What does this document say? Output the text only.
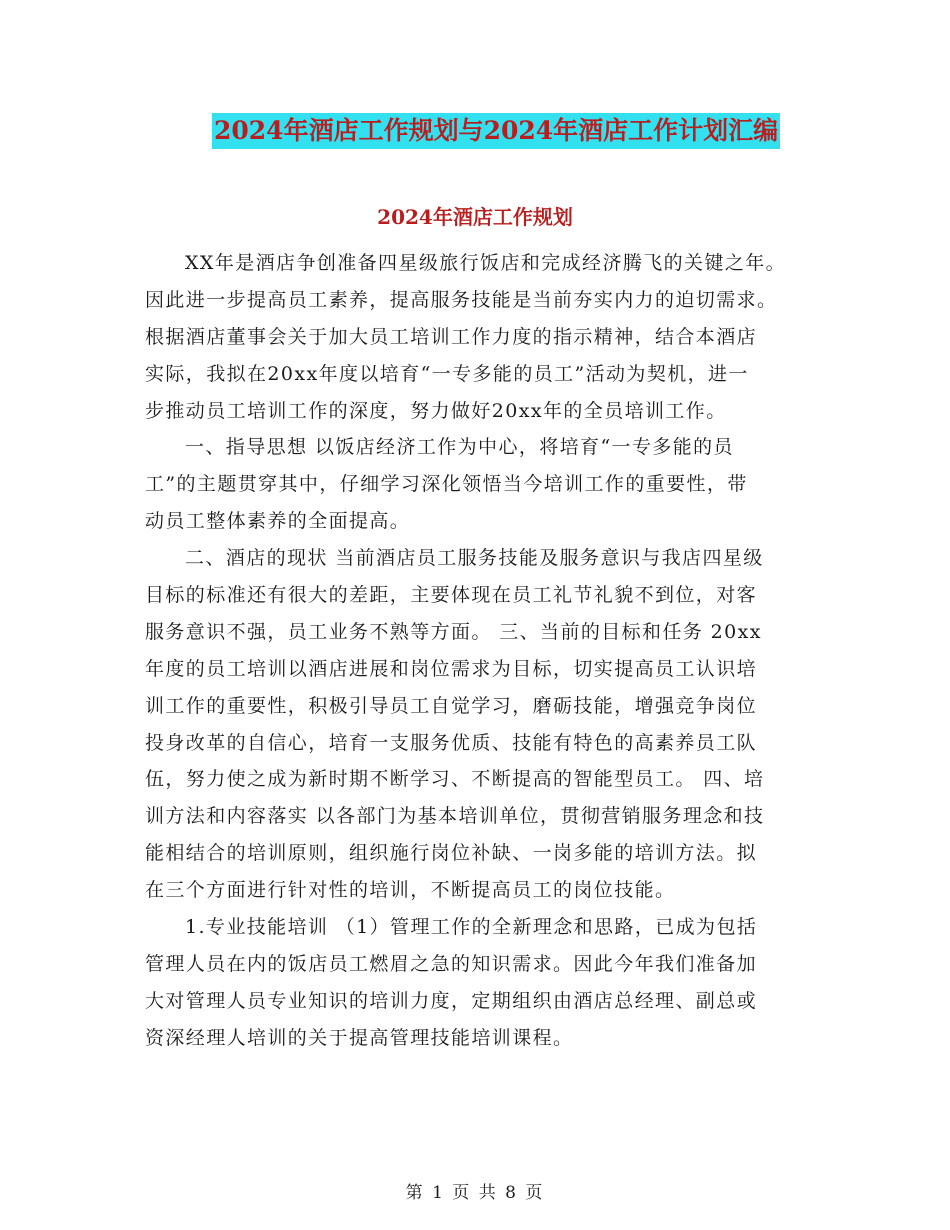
2024年酒店工作规划与2024年酒店工作计划汇编
2024年酒店工作规划
XX年是酒店争创准备四星级旅行饭店和完成经济腾飞的关键之年。
因此进一步提高员工素养，提高服务技能是当前夯实内力的迫切需求。
根据酒店董事会关于加大员工培训工作力度的指示精神，结合本酒店
实际，我拟在20xx年度以培育“一专多能的员工”活动为契机，进一
步推动员工培训工作的深度，努力做好20xx年的全员培训工作。
一、指导思想 以饭店经济工作为中心，将培育“一专多能的员
工”的主题贯穿其中，仔细学习深化领悟当今培训工作的重要性，带
动员工整体素养的全面提高。
二、酒店的现状 当前酒店员工服务技能及服务意识与我店四星级
目标的标准还有很大的差距，主要体现在员工礼节礼貌不到位，对客
服务意识不强，员工业务不熟等方面。 三、当前的目标和任务 20xx
年度的员工培训以酒店进展和岗位需求为目标，切实提高员工认识培
训工作的重要性，积极引导员工自觉学习，磨砺技能，增强竞争岗位
投身改革的自信心，培育一支服务优质、技能有特色的高素养员工队
伍，努力使之成为新时期不断学习、不断提高的智能型员工。 四、培
训方法和内容落实 以各部门为基本培训单位，贯彻营销服务理念和技
能相结合的培训原则，组织施行岗位补缺、一岗多能的培训方法。拟
在三个方面进行针对性的培训，不断提高员工的岗位技能。
1.专业技能培训 （1）管理工作的全新理念和思路，已成为包括
管理人员在内的饭店员工燃眉之急的知识需求。因此今年我们准备加
大对管理人员专业知识的培训力度，定期组织由酒店总经理、副总或
资深经理人培训的关于提高管理技能培训课程。
第 1 页 共 8 页
